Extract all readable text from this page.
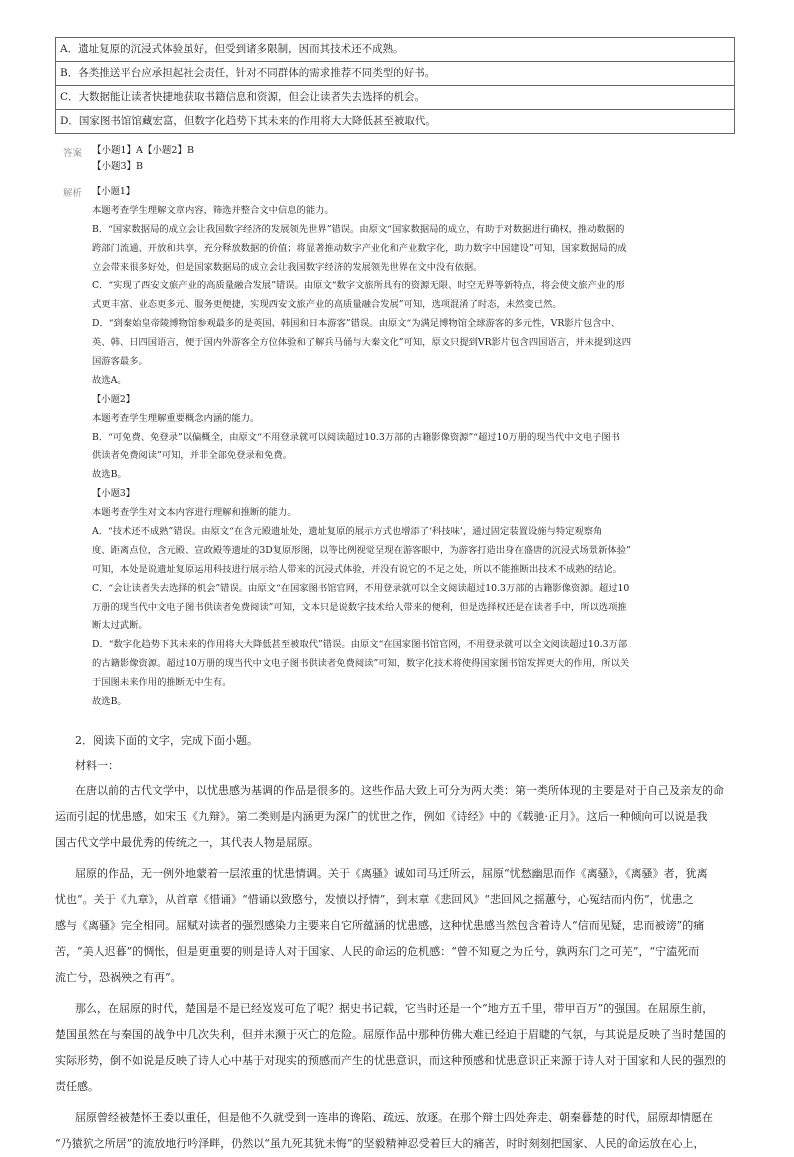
A．遗址复原的沉浸式体验虽好，但受到诸多限制，因而其技术还不成熟。
B．各类推送平台应承担起社会责任，针对不同群体的需求推荐不同类型的好书。
C．大数据能让读者快捷地获取书籍信息和资源，但会让读者失去选择的机会。
D．国家图书馆馆藏宏富，但数字化趋势下其未来的作用将大大降低甚至被取代。
答案 【小题1】A【小题2】B
【小题3】B
解析 【小题1】
本题考查学生理解文章内容，筛选并整合文中信息的能力。
B．“国家数据局的成立会让我国数字经济的发展领先世界”错误。由原文“国家数据局的成立，有助于对数据进行确权，推动数据的
跨部门流通、开放和共享，充分释放数据的价值；将显著推动数字产业化和产业数字化，助力数字中国建设”可知，国家数据局的成
立会带来很多好处，但是国家数据局的成立会让我国数字经济的发展领先世界在文中没有依据。
C．“实现了西安文旅产业的高质量融合发展”错误。由原文“数字文旅所具有的资源无限、时空无界等新特点，将会使文旅产业的形
式更丰富、业态更多元、服务更便捷，实现西安文旅产业的高质量融合发展”可知，选项混淆了时态，未然变已然。
D．“到秦始皇帝陵博物馆参观最多的是英国、韩国和日本游客”错误。由原文“为满足博物馆全球游客的多元性，VR影片包含中、
英、韩、日四国语言，便于国内外游客全方位体验和了解兵马俑与大秦文化”可知，原文只提到VR影片包含四国语言，并未提到这四
国游客最多。
故选A。
【小题2】
本题考查学生理解重要概念内涵的能力。
B．“可免费、免登录”以偏概全，由原文“不用登录就可以阅读超过10.3万部的古籍影像资源”“超过10万册的现当代中文电子图书
供读者免费阅读”可知，并非全部免登录和免费。
故选B。
【小题3】
本题考查学生对文本内容进行理解和推断的能力。
A．“技术还不成熟”错误。由原文“在含元殿遗址处，遗址复原的展示方式也增添了‘科技味’，通过固定装置设施与特定观察角
度、距离点位，含元殿、宣政殿等遗址的3D复原形图，以等比例视觉呈现在游客眼中，为游客打造出身在盛唐的沉浸式场景新体验”
可知，本处是说遗址复原运用科技进行展示给人带来的沉浸式体验，并没有说它的不足之处，所以不能推断出技术不成熟的结论。
C．“会让读者失去选择的机会”错误。由原文“在国家图书馆官网，不用登录就可以全文阅读超过10.3万部的古籍影像资源。超过10
万册的现当代中文电子图书供读者免费阅读”可知，文本只是说数字技术给人带来的便利，但是选择权还是在读者手中，所以选项推
断太过武断。
D．“数字化趋势下其未来的作用将大大降低甚至被取代”错误。由原文“在国家图书馆官网，不用登录就可以全文阅读超过10.3万部
的古籍影像资源。超过10万册的现当代中文电子图书供读者免费阅读”可知，数字化技术将使得国家图书馆发挥更大的作用，所以关
于国图未来作用的推断无中生有。
故选B。
2．阅读下面的文字，完成下面小题。
材料一：
在唐以前的古代文学中，以忧患感为基调的作品是很多的。这些作品大致上可分为两大类：第一类所体现的主要是对于自己及亲友的命
运而引起的忧患感，如宋玉《九辩》。第二类则是内涵更为深广的忧世之作，例如《诗经》中的《载驰·正月》。这后一种倾向可以说是我
国古代文学中最优秀的传统之一，其代表人物是屈原。
屈原的作品，无一例外地蒙着一层浓重的忧患情调。关于《离骚》诚如司马迁所云，屈原“忧愁幽思而作《离骚》，《离骚》者，犹离
忧也”。关于《九章》，从首章《惜诵》“惜诵以致愍兮，发愤以抒情”，到末章《悲回风》“悲回风之摇蕙兮，心冤结而内伤”，忧患之
感与《离骚》完全相同。屈赋对读者的强烈感染力主要来自它所蕴涵的忧患感，这种忧患感当然包含着诗人“信而见疑，忠而被谤”的痛
苦，“美人迟暮”的惆怅，但是更重要的则是诗人对于国家、人民的命运的危机感：“曾不知夏之为丘兮，孰两东门之可芜”，“宁溘死而
流亡兮，恐祸殃之有再”。
那么，在屈原的时代，楚国是不是已经岌岌可危了呢？据史书记载，它当时还是一个“地方五千里，带甲百万”的强国。在屈原生前，
楚国虽然在与秦国的战争中几次失利，但并未濒于灭亡的危险。屈原作品中那种仿佛大难已经迫于眉睫的气氛，与其说是反映了当时楚国的
实际形势，倒不如说是反映了诗人心中基于对现实的预感而产生的忧患意识，而这种预感和忧患意识正来源于诗人对于国家和人民的强烈的
责任感。
屈原曾经被楚怀王委以重任，但是他不久就受到一连串的谗陷、疏远、放逐。在那个辩士四处奔走、朝秦暮楚的时代，屈原却情愿在
“乃猿狖之所居”的流放地行吟泽畔，仍然以“虽九死其犹未悔”的坚毅精神忍受着巨大的痛苦，时时刻刻把国家、人民的命运放在心上，
